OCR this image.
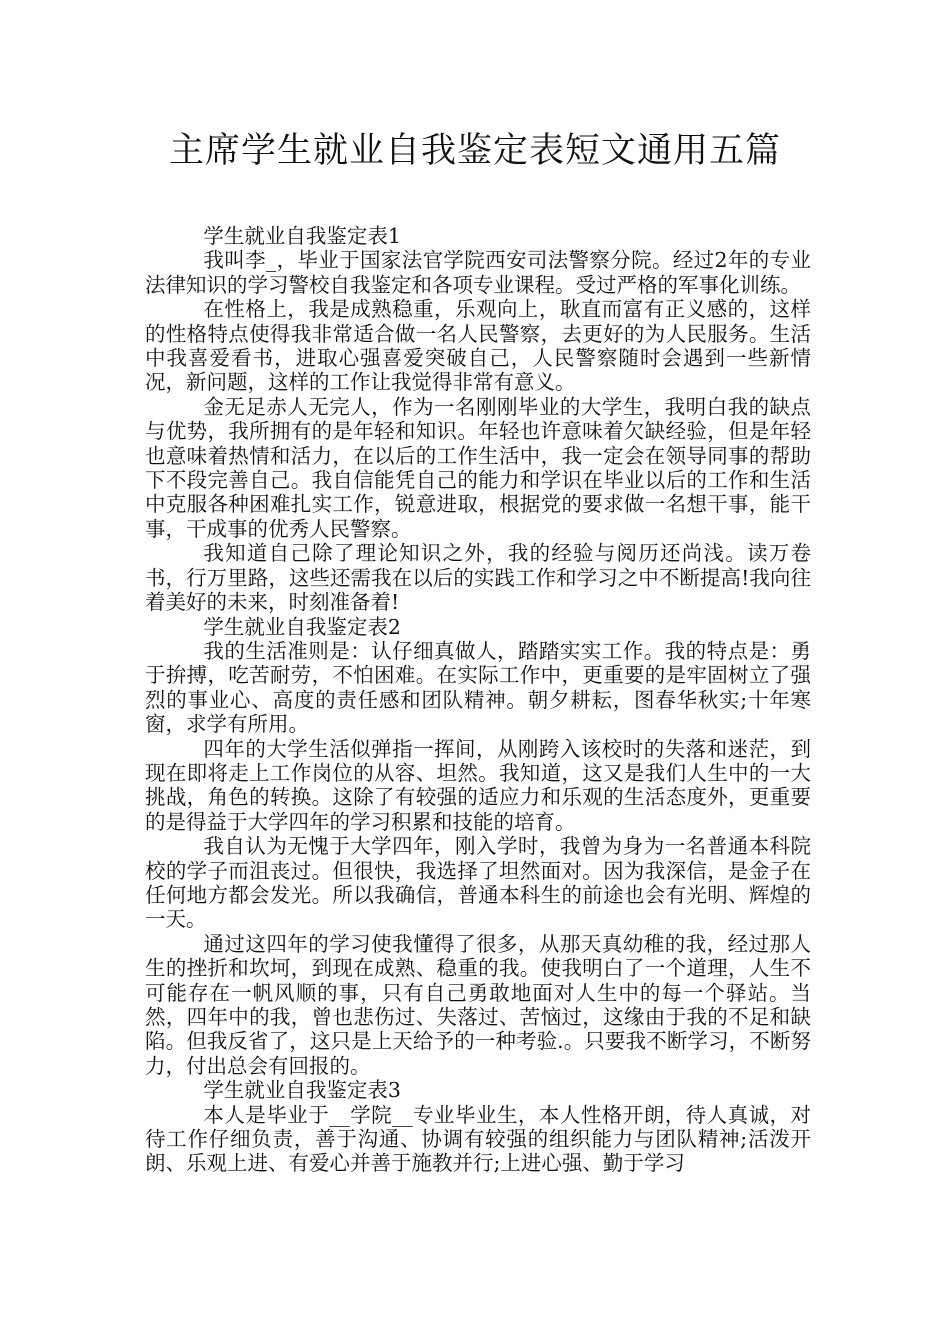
主席学生就业自我鉴定表短文通用五篇

学生就业自我鉴定表1

我叫李_，毕业于国家法官学院西安司法警察分院。经过2年的专业法律知识的学习警校自我鉴定和各项专业课程。受过严格的军事化训练。

在性格上，我是成熟稳重，乐观向上，耿直而富有正义感的，这样的性格特点使得我非常适合做一名人民警察，去更好的为人民服务。生活中我喜爱看书，进取心强喜爱突破自己，人民警察随时会遇到一些新情况，新问题，这样的工作让我觉得非常有意义。

金无足赤人无完人，作为一名刚刚毕业的大学生，我明白我的缺点与优势，我所拥有的是年轻和知识。年轻也许意味着欠缺经验，但是年轻也意味着热情和活力，在以后的工作生活中，我一定会在领导同事的帮助下不段完善自己。我自信能凭自己的能力和学识在毕业以后的工作和生活中克服各种困难扎实工作，锐意进取，根据党的要求做一名想干事，能干事，干成事的优秀人民警察。

我知道自己除了理论知识之外，我的经验与阅历还尚浅。读万卷书，行万里路，这些还需我在以后的实践工作和学习之中不断提高!我向往着美好的未来，时刻准备着!

学生就业自我鉴定表2

我的生活准则是：认仔细真做人，踏踏实实工作。我的特点是：勇于拚搏，吃苦耐劳，不怕困难。在实际工作中，更重要的是牢固树立了强烈的事业心、高度的责任感和团队精神。朝夕耕耘，图春华秋实;十年寒窗，求学有所用。

四年的大学生活似弹指一挥间，从刚跨入该校时的失落和迷茫，到现在即将走上工作岗位的从容、坦然。我知道，这又是我们人生中的一大挑战，角色的转换。这除了有较强的适应力和乐观的生活态度外，更重要的是得益于大学四年的学习积累和技能的培育。

我自认为无愧于大学四年，刚入学时，我曾为身为一名普通本科院校的学子而沮丧过。但很快，我选择了坦然面对。因为我深信，是金子在任何地方都会发光。所以我确信，普通本科生的前途也会有光明、辉煌的一天。

通过这四年的学习使我懂得了很多，从那天真幼稚的我，经过那人生的挫折和坎坷，到现在成熟、稳重的我。使我明白了一个道理，人生不可能存在一帆风顺的事，只有自己勇敢地面对人生中的每一个驿站。当然，四年中的我，曾也悲伤过、失落过、苦恼过，这缘由于我的不足和缺陷。但我反省了，这只是上天给予的一种考验.。只要我不断学习，不断努力，付出总会有回报的。

学生就业自我鉴定表3

本人是毕业于__学院__专业毕业生，本人性格开朗，待人真诚，对待工作仔细负责，善于沟通、协调有较强的组织能力与团队精神;活泼开朗、乐观上进、有爱心并善于施教并行;上进心强、勤于学习
